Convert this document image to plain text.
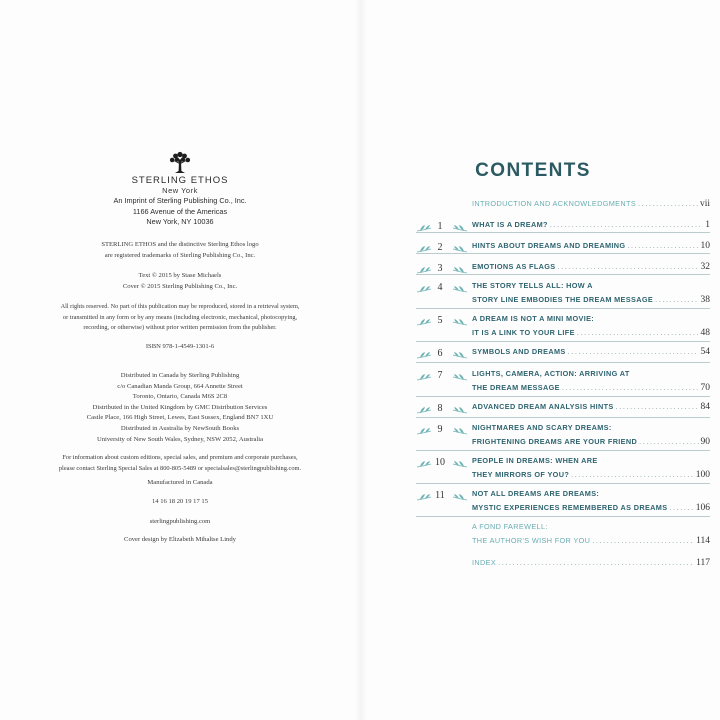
STERLING ETHOS
New York
An Imprint of Sterling Publishing Co., Inc.
1166 Avenue of the Americas
New York, NY 10036
STERLING ETHOS and the distinctive Sterling Ethos logo
are registered trademarks of Sterling Publishing Co., Inc.
Text © 2015 by Stase Michaels
Cover © 2015 Sterling Publishing Co., Inc.
All rights reserved. No part of this publication may be reproduced, stored in a retrieval system,
or transmitted in any form or by any means (including electronic, mechanical, photocopying,
recording, or otherwise) without prior written permission from the publisher.
ISBN 978-1-4549-1301-6
Distributed in Canada by Sterling Publishing
c/o Canadian Manda Group, 664 Annette Street
Toronto, Ontario, Canada M6S 2C8
Distributed in the United Kingdom by GMC Distribution Services
Castle Place, 166 High Street, Lewes, East Sussex, England BN7 1XU
Distributed in Australia by NewSouth Books
University of New South Wales, Sydney, NSW 2052, Australia
For information about custom editions, special sales, and premium and corporate purchases,
please contact Sterling Special Sales at 800-805-5489 or specialsales@sterlingpublishing.com.
Manufactured in Canada
14 16 18 20 19 17 15
sterlingpublishing.com
Cover design by Elizabeth Mihaltse Lindy
CONTENTS
INTRODUCTION AND ACKNOWLEDGMENTS .....	vii
1	WHAT IS A DREAM? .....	1
2	HINTS ABOUT DREAMS AND DREAMING .....	10
3	EMOTIONS AS FLAGS .....	32
4	THE STORY TELLS ALL: HOW A
STORY LINE EMBODIES THE DREAM MESSAGE .....	38
5	A DREAM IS NOT A MINI MOVIE:
IT IS A LINK TO YOUR LIFE .....	48
6	SYMBOLS AND DREAMS .....	54
7	LIGHTS, CAMERA, ACTION: ARRIVING AT
THE DREAM MESSAGE .....	70
8	ADVANCED DREAM ANALYSIS HINTS .....	84
9	NIGHTMARES AND SCARY DREAMS:
FRIGHTENING DREAMS ARE YOUR FRIEND .....	90
10	PEOPLE IN DREAMS: WHEN ARE
THEY MIRRORS OF YOU? .....	100
11	NOT ALL DREAMS ARE DREAMS:
MYSTIC EXPERIENCES REMEMBERED AS DREAMS .....	106
A FOND FAREWELL:
THE AUTHOR'S WISH FOR YOU .....	114
INDEX .....	117
